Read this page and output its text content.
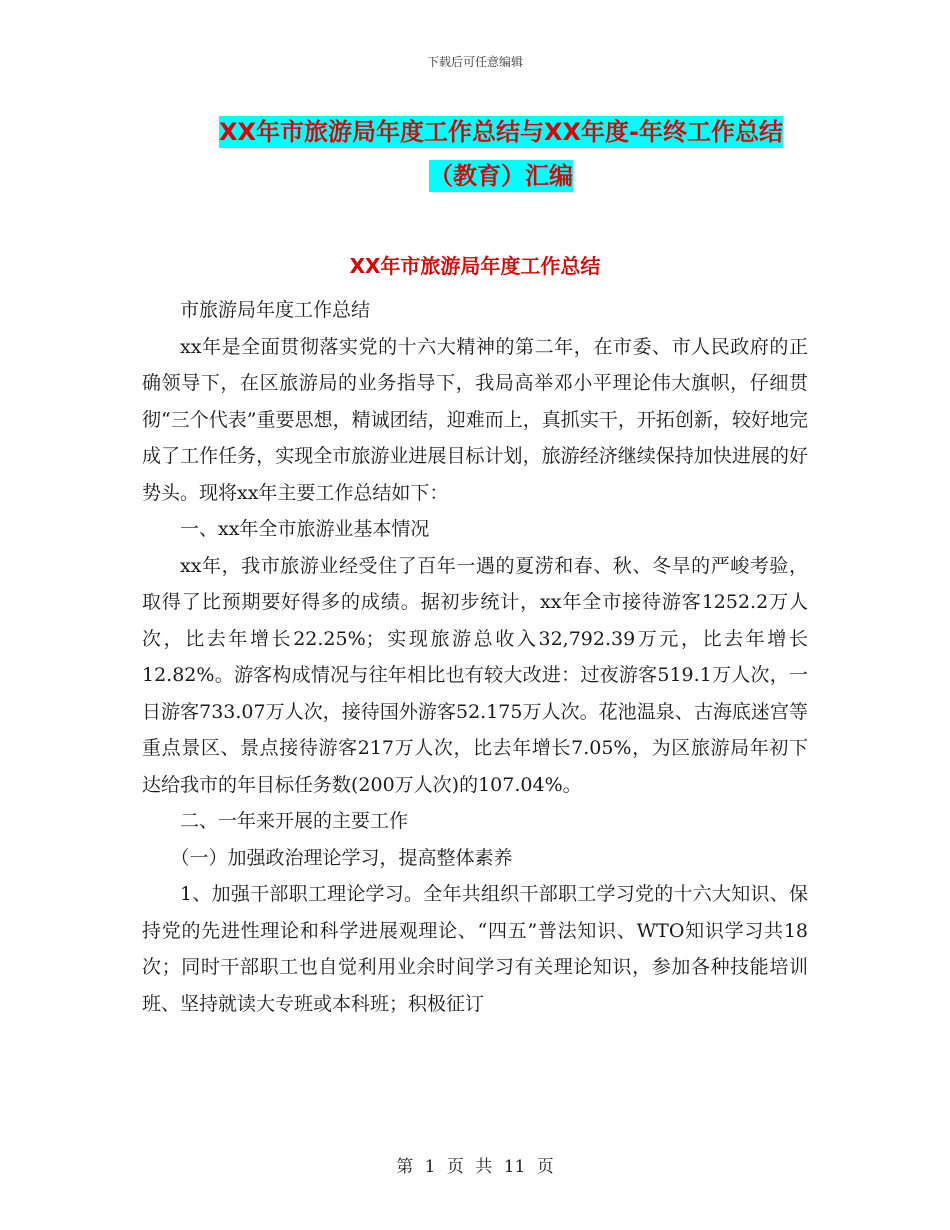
下载后可任意编辑
XX年市旅游局年度工作总结与XX年度-年终工作总结
（教育）汇编
XX年市旅游局年度工作总结

市旅游局年度工作总结

xx年是全面贯彻落实党的十六大精神的第二年，在市委、市人民政府的正确领导下，在区旅游局的业务指导下，我局高举邓小平理论伟大旗帜，仔细贯彻“三个代表”重要思想，精诚团结，迎难而上，真抓实干，开拓创新，较好地完成了工作任务，实现全市旅游业进展目标计划，旅游经济继续保持加快进展的好势头。现将xx年主要工作总结如下：

一、xx年全市旅游业基本情况

xx年，我市旅游业经受住了百年一遇的夏涝和春、秋、冬旱的严峻考验，取得了比预期要好得多的成绩。据初步统计，xx年全市接待游客1252.2万人次，比去年增长22.25%；实现旅游总收入32,792.39万元，比去年增长12.82%。游客构成情况与往年相比也有较大改进：过夜游客519.1万人次，一日游客733.07万人次，接待国外游客52.175万人次。花池温泉、古海底迷宫等重点景区、景点接待游客217万人次，比去年增长7.05%，为区旅游局年初下达给我市的年目标任务数(200万人次)的107.04%。

二、一年来开展的主要工作

（一）加强政治理论学习，提高整体素养

1、加强干部职工理论学习。全年共组织干部职工学习党的十六大知识、保持党的先进性理论和科学进展观理论、“四五”普法知识、WTO知识学习共18次；同时干部职工也自觉利用业余时间学习有关理论知识，参加各种技能培训班、坚持就读大专班或本科班；积极征订

第 1 页 共 11 页
